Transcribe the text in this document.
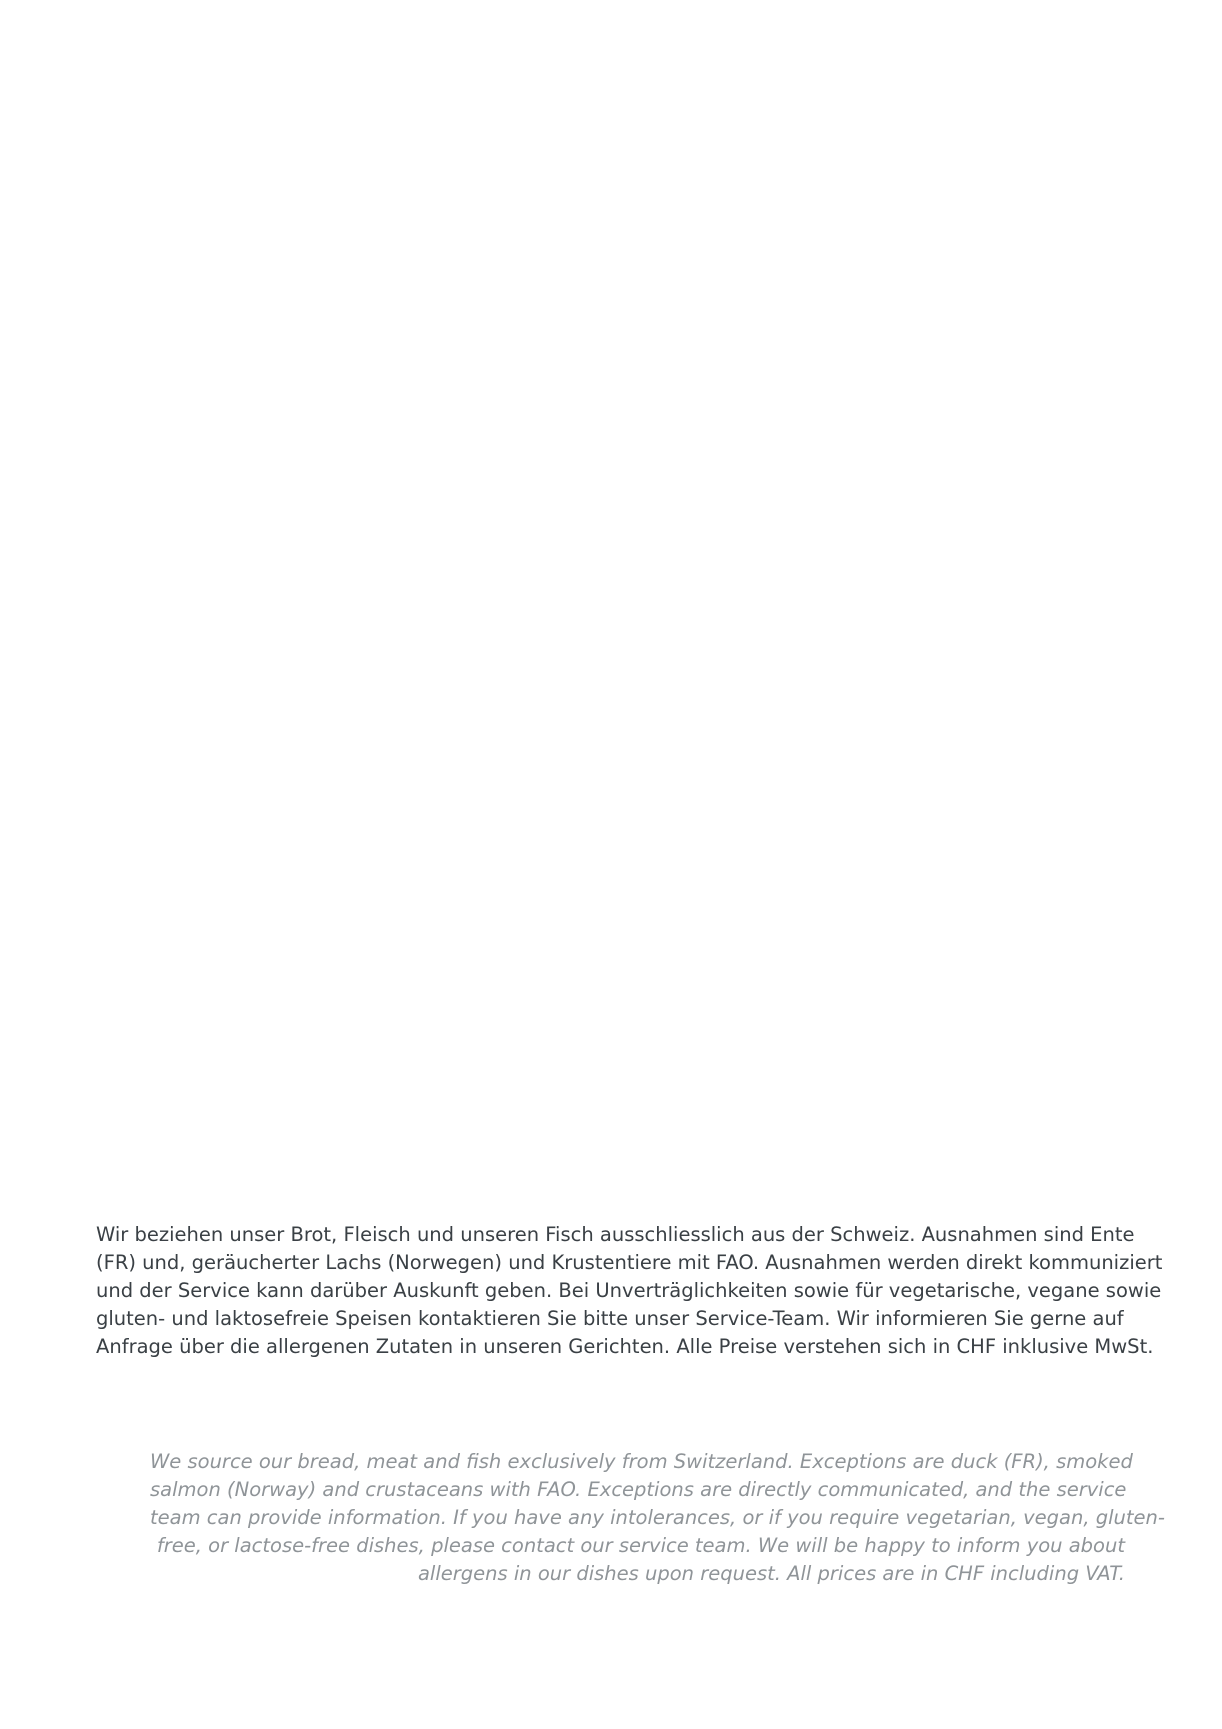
Wir beziehen unser Brot, Fleisch und unseren Fisch ausschliesslich aus der Schweiz. Ausnahmen sind Ente
(FR) und, geräucherter Lachs (Norwegen) und Krustentiere mit FAO. Ausnahmen werden direkt kommuniziert
und der Service kann darüber Auskunft geben. Bei Unverträglichkeiten sowie für vegetarische, vegane sowie
gluten- und laktosefreie Speisen kontaktieren Sie bitte unser Service-Team. Wir informieren Sie gerne auf
Anfrage über die allergenen Zutaten in unseren Gerichten. Alle Preise verstehen sich in CHF inklusive MwSt.

We source our bread, meat and fish exclusively from Switzerland. Exceptions are duck (FR), smoked
salmon (Norway) and crustaceans with FAO. Exceptions are directly communicated, and the service
team can provide information. If you have any intolerances, or if you require vegetarian, vegan, gluten-
free, or lactose-free dishes, please contact our service team. We will be happy to inform you about
allergens in our dishes upon request. All prices are in CHF including VAT.
